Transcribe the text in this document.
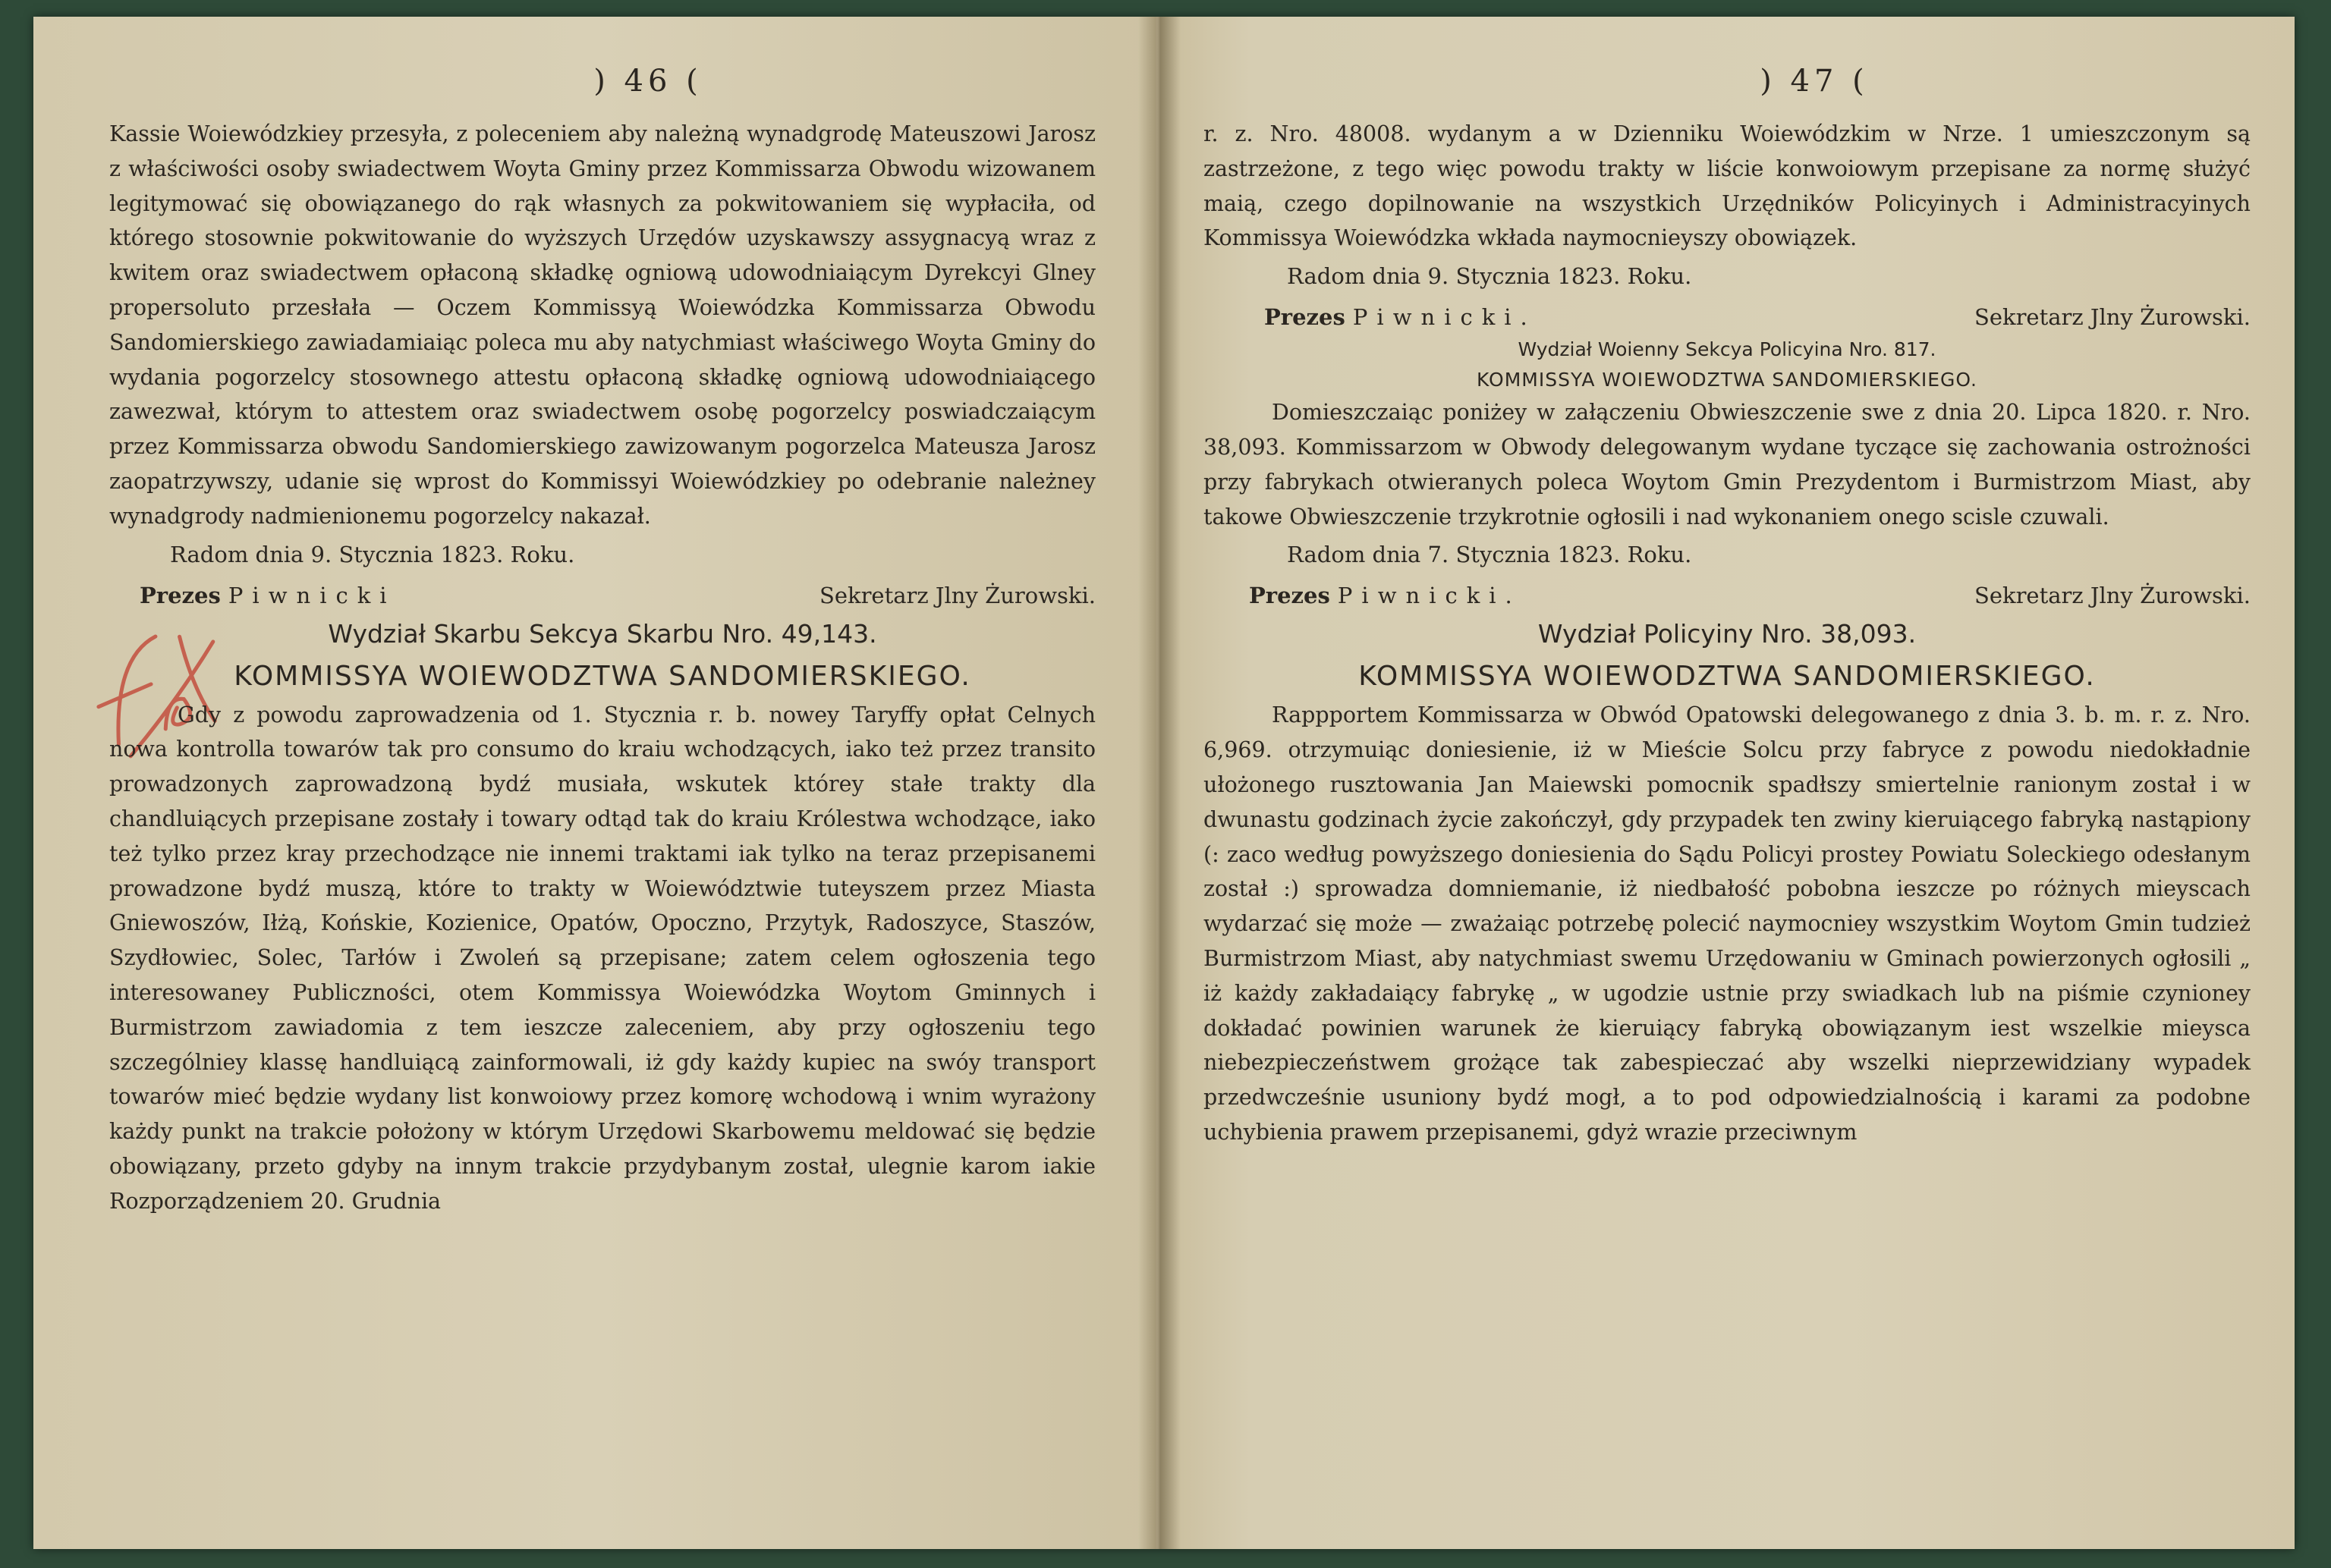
) 46 (

Kassie Woiewódzkiey przesyła, z poleceniem aby należną wynadgrodę Mateuszowi Jarosz z właściwości osoby swiadectwem Woyta Gminy przez Kommissarza Obwodu wizowanem legitymować się obowiązanego do rąk własnych za pokwitowaniem się wypłaciła, od którego stosownie pokwitowanie do wyższych Urzędów uzyskawszy assygnacyą wraz z kwitem oraz swiadectwem opłaconą składkę ogniową udowodniaiącym Dyrekcyi Glney propersoluto przesłała — Oczem Kommissyą Woiewódzka Kommissarza Obwodu Sandomierskiego zawiadamiaiąc poleca mu aby natychmiast właściwego Woyta Gminy do wydania pogorzelcy stosownego attestu opłaconą składkę ogniową udowodniaiącego zawezwał, którym to attestem oraz swiadectwem osobę pogorzelcy poswiadczaiącym przez Kommissarza obwodu Sandomierskiego zawizowanym pogorzelca Mateusza Jarosz zaopatrzywszy, udanie się wprost do Kommissyi Woiewódzkiey po odebranie należney wynadgrody nadmienionemu pogorzelcy nakazał.

Radom dnia 9. Stycznia 1823. Roku.
Prezes Piwnicki	Sekretarz Jlny Żurowski.
Wydział Skarbu Sekcya Skarbu Nro. 49,143.
KOMMISSYA WOIEWODZTWA SANDOMIERSKIEGO.

Gdy z powodu zaprowadzenia od 1. Stycznia r. b. nowey Taryffy opłat Celnych nowa kontrolla towarów tak pro consumo do kraiu wchodzących, iako też przez transito prowadzonych zaprowadzoną bydź musiała, wskutek którey stałe trakty dla chandluiących przepisane zostały i towary odtąd tak do kraiu Królestwa wchodzące, iako też tylko przez kray przechodzące nie innemi traktami iak tylko na teraz przepisanemi prowadzone bydź muszą, które to trakty w Woiewództwie tuteyszem przez Miasta Gniewoszów, Iłżą, Końskie, Kozienice, Opatów, Opoczno, Przytyk, Radoszyce, Staszów, Szydłowiec, Solec, Tarłów i Zwoleń są przepisane; zatem celem ogłoszenia tego interesowaney Publiczności, otem Kommissya Woiewódzka Woytom Gminnych i Burmistrzom zawiadomia z tem ieszcze zaleceniem, aby przy ogłoszeniu tego szczególniey klassę handluiącą zainformowali, iż gdy każdy kupiec na swóy transport towarów mieć będzie wydany list konwoiowy przez komorę wchodową i wnim wyrażony każdy punkt na trakcie położony w którym Urzędowi Skarbowemu meldować się będzie obowiązany, przeto gdyby na innym trakcie przydybanym został, ulegnie karom iakie Rozporządzeniem 20. Grudnia

) 47 (

r. z. Nro. 48008. wydanym a w Dzienniku Woiewódzkim w Nrze. 1 umieszczonym są zastrzeżone, z tego więc powodu trakty w liście konwoiowym przepisane za normę służyć maią, czego dopilnowanie na wszystkich Urzędników Policyinych i Administracyinych Kommissya Woiewódzka wkłada naymocnieyszy obowiązek.

Radom dnia 9. Stycznia 1823. Roku.
Prezes Piwnicki.	Sekretarz Jlny Żurowski.
Wydział Woienny Sekcya Policyina Nro. 817.
KOMMISSYA WOIEWODZTWA SANDOMIERSKIEGO.

Domieszczaiąc poniżey w załączeniu Obwieszczenie swe z dnia 20. Lipca 1820. r. Nro. 38,093. Kommissarzom w Obwody delegowanym wydane tyczące się zachowania ostrożności przy fabrykach otwieranych poleca Woytom Gmin Prezydentom i Burmistrzom Miast, aby takowe Obwieszczenie trzykrotnie ogłosili i nad wykonaniem onego scisle czuwali.

Radom dnia 7. Stycznia 1823. Roku.
Prezes Piwnicki.	Sekretarz Jlny Żurowski.
Wydział Policyiny Nro. 38,093.
KOMMISSYA WOIEWODZTWA SANDOMIERSKIEGO.

Rappportem Kommissarza w Obwód Opatowski delegowanego z dnia 3. b. m. r. z. Nro. 6,969. otrzymuiąc doniesienie, iż w Mieście Solcu przy fabryce z powodu niedokładnie ułożonego rusztowania Jan Maiewski pomocnik spadłszy smiertelnie ranionym został i w dwunastu godzinach życie zakończył, gdy przypadek ten zwiny kieruiącego fabryką nastąpiony (: zaco według powyższego doniesienia do Sądu Policyi prostey Powiatu Soleckiego odesłanym został :) sprowadza domniemanie, iż niedbałość pobobna ieszcze po różnych mieyscach wydarzać się może — zważaiąc potrzebę polecić naymocniey wszystkim Woytom Gmin tudzież Burmistrzom Miast, aby natychmiast swemu Urzędowaniu w Gminach powierzonych ogłosili „ iż każdy zakładaiący fabrykę „ w ugodzie ustnie przy swiadkach lub na piśmie czynioney dokładać powinien warunek że kieruiący fabryką obowiązanym iest wszelkie mieysca niebezpieczeństwem grożące tak zabespieczać aby wszelki nieprzewidziany wypadek przedwcześnie usuniony bydź mogł, a to pod odpowiedzialnością i karami za podobne uchybienia prawem przepisanemi, gdyż wrazie przeciwnym
